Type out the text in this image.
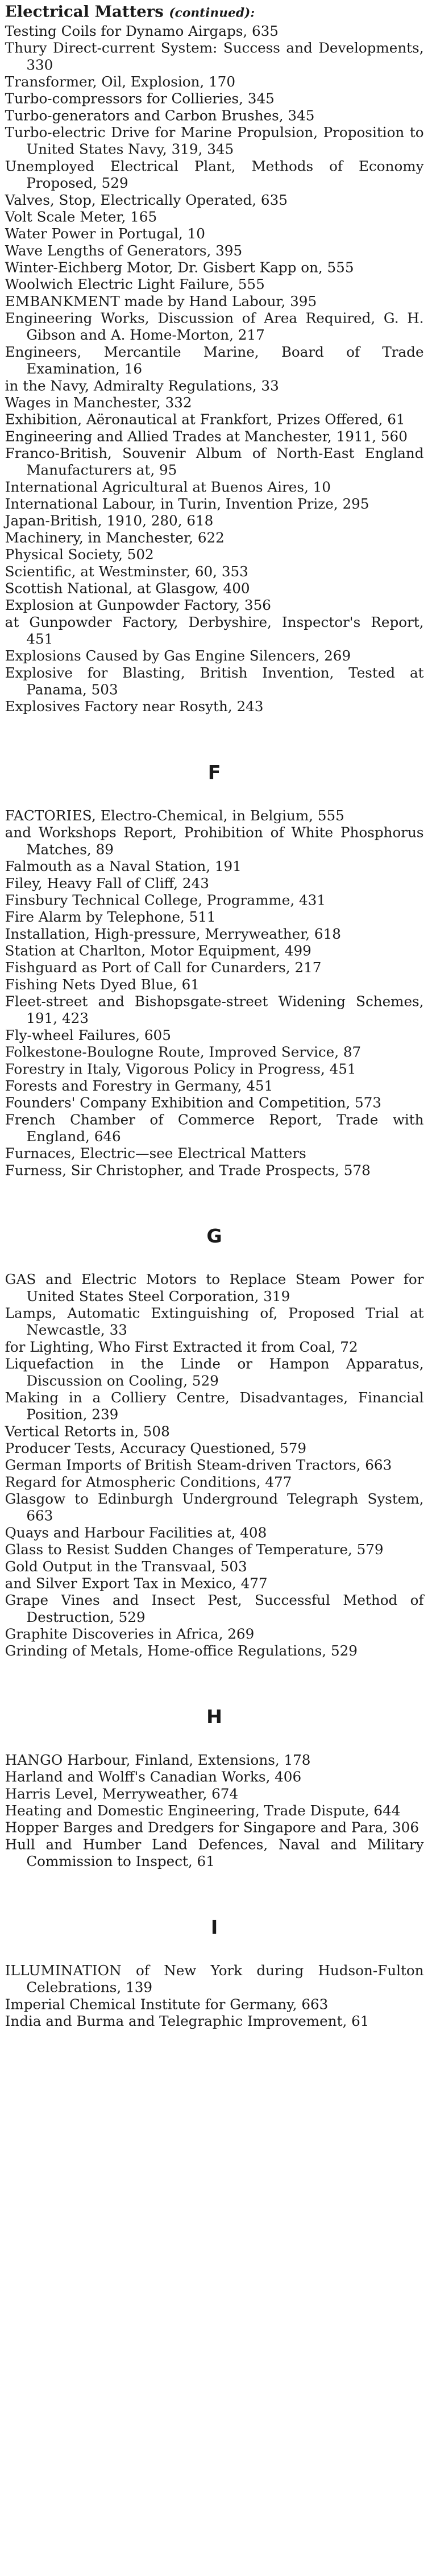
Electrical Matters (continued):

Testing Coils for Dynamo Airgaps, 635

Thury Direct-current System: Success and Developments, 330

Transformer, Oil, Explosion, 170

Turbo-compressors for Collieries, 345

Turbo-generators and Carbon Brushes, 345

Turbo-electric Drive for Marine Propulsion, Proposition to United States Navy, 319, 345

Unemployed Electrical Plant, Methods of Economy Proposed, 529

Valves, Stop, Electrically Operated, 635

Volt Scale Meter, 165

Water Power in Portugal, 10

Wave Lengths of Generators, 395

Winter-Eichberg Motor, Dr. Gisbert Kapp on, 555

Woolwich Electric Light Failure, 555

EMBANKMENT made by Hand Labour, 395

Engineering Works, Discussion of Area Required, G. H. Gibson and A. Home-Morton, 217

Engineers, Mercantile Marine, Board of Trade Examination, 16

in the Navy, Admiralty Regulations, 33

Wages in Manchester, 332

Exhibition, Aëronautical at Frankfort, Prizes Offered, 61

Engineering and Allied Trades at Manchester, 1911, 560

Franco-British, Souvenir Album of North-East England Manufacturers at, 95

International Agricultural at Buenos Aires, 10

International Labour, in Turin, Invention Prize, 295

Japan-British, 1910, 280, 618

Machinery, in Manchester, 622

Physical Society, 502

Scientific, at Westminster, 60, 353

Scottish National, at Glasgow, 400

Explosion at Gunpowder Factory, 356

at Gunpowder Factory, Derbyshire, Inspector's Report, 451

Explosions Caused by Gas Engine Silencers, 269

Explosive for Blasting, British Invention, Tested at Panama, 503

Explosives Factory near Rosyth, 243

F

FACTORIES, Electro-Chemical, in Belgium, 555

and Workshops Report, Prohibition of White Phosphorus Matches, 89

Falmouth as a Naval Station, 191

Filey, Heavy Fall of Cliff, 243

Finsbury Technical College, Programme, 431

Fire Alarm by Telephone, 511

Installation, High-pressure, Merryweather, 618

Station at Charlton, Motor Equipment, 499

Fishguard as Port of Call for Cunarders, 217

Fishing Nets Dyed Blue, 61

Fleet-street and Bishopsgate-street Widening Schemes, 191, 423

Fly-wheel Failures, 605

Folkestone-Boulogne Route, Improved Service, 87

Forestry in Italy, Vigorous Policy in Progress, 451

Forests and Forestry in Germany, 451

Founders' Company Exhibition and Competition, 573

French Chamber of Commerce Report, Trade with England, 646

Furnaces, Electric—see Electrical Matters

Furness, Sir Christopher, and Trade Prospects, 578

G

GAS and Electric Motors to Replace Steam Power for United States Steel Corporation, 319

Lamps, Automatic Extinguishing of, Proposed Trial at Newcastle, 33

for Lighting, Who First Extracted it from Coal, 72

Liquefaction in the Linde or Hampon Apparatus, Discussion on Cooling, 529

Making in a Colliery Centre, Disadvantages, Financial Position, 239

Vertical Retorts in, 508

Producer Tests, Accuracy Questioned, 579

German Imports of British Steam-driven Tractors, 663

Regard for Atmospheric Conditions, 477

Glasgow to Edinburgh Underground Telegraph System, 663

Quays and Harbour Facilities at, 408

Glass to Resist Sudden Changes of Temperature, 579

Gold Output in the Transvaal, 503

and Silver Export Tax in Mexico, 477

Grape Vines and Insect Pest, Successful Method of Destruction, 529

Graphite Discoveries in Africa, 269

Grinding of Metals, Home-office Regulations, 529

H

HANGO Harbour, Finland, Extensions, 178

Harland and Wolff's Canadian Works, 406

Harris Level, Merryweather, 674

Heating and Domestic Engineering, Trade Dispute, 644

Hopper Barges and Dredgers for Singapore and Para, 306

Hull and Humber Land Defences, Naval and Military Commission to Inspect, 61

I

ILLUMINATION of New York during Hudson-Fulton Celebrations, 139

Imperial Chemical Institute for Germany, 663

India and Burma and Telegraphic Improvement, 61
